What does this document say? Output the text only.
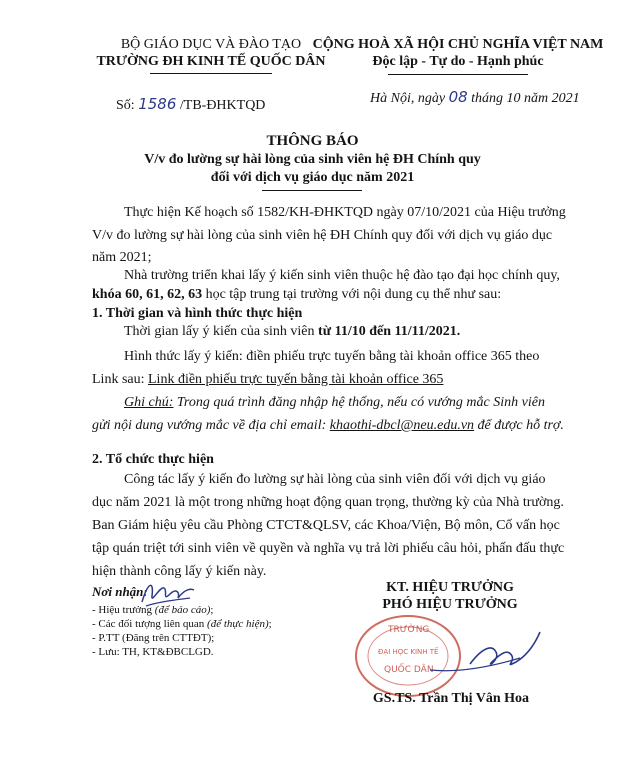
BỘ GIÁO DỤC VÀ ĐÀO TẠO
TRƯỜNG ĐH KINH TẾ QUỐC DÂN
CỘNG HOÀ XÃ HỘI CHỦ NGHĨA VIỆT NAM
Độc lập - Tự do - Hạnh phúc
Số: 1586 /TB-ĐHKTQD	Hà Nội, ngày 08 tháng 10 năm 2021
THÔNG BÁO
V/v đo lường sự hài lòng của sinh viên hệ ĐH Chính quy
đối với dịch vụ giáo dục năm 2021
Thực hiện Kế hoạch số 1582/KH-ĐHKTQD ngày 07/10/2021 của Hiệu trưởng
V/v đo lường sự hài lòng của sinh viên hệ ĐH Chính quy đối với dịch vụ giáo dục
năm 2021;
Nhà trường triển khai lấy ý kiến sinh viên thuộc hệ đào tạo đại học chính quy,
khóa 60, 61, 62, 63 học tập trung tại trường với nội dung cụ thể như sau:
1. Thời gian và hình thức thực hiện
Thời gian lấy ý kiến của sinh viên từ 11/10 đến 11/11/2021.
Hình thức lấy ý kiến: điền phiếu trực tuyến bằng tài khoản office 365 theo
Link sau: Link điền phiếu trực tuyến bằng tài khoản office 365
Ghi chú: Trong quá trình đăng nhập hệ thống, nếu có vướng mắc Sinh viên
gửi nội dung vướng mắc về địa chỉ email: khaothi-dbcl@neu.edu.vn để được hỗ trợ.
2. Tổ chức thực hiện
Công tác lấy ý kiến đo lường sự hài lòng của sinh viên đối với dịch vụ giáo
dục năm 2021 là một trong những hoạt động quan trọng, thường kỳ của Nhà trường.
Ban Giám hiệu yêu cầu Phòng CTCT&QLSV, các Khoa/Viện, Bộ môn, Cố vấn học
tập quán triệt tới sinh viên về quyền và nghĩa vụ trả lời phiếu câu hỏi, phấn đấu thực
hiện thành công lấy ý kiến này.
Nơi nhận:
- Hiệu trưởng (để báo cáo);
- Các đối tượng liên quan (để thực hiện);
- P.TT (Đăng trên CTTĐT);
- Lưu: TH, KT&ĐBCLGD.
KT. HIỆU TRƯỞNG
PHÓ HIỆU TRƯỞNG
TRƯỜNG
ĐẠI HỌC KINH TẾ
QUỐC DÂN
GS.TS. Trần Thị Vân Hoa
